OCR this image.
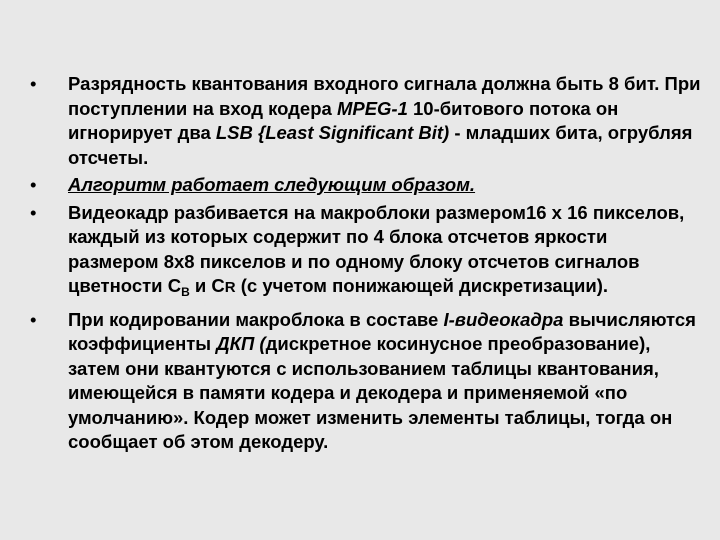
•	Разрядность квантования входного сигнала должна быть 8 бит. При поступлении на вход кодера MPEG-1 10-битового потока он игнорирует два LSB {Least Significant Bit) - младших бита, огрубляя отсчеты.
•	Алгоритм работает следующим образом.
•	Видеокадр разбивается на макроблоки размером16 х 16 пикселов, каждый из которых содержит по 4 блока отсчетов яркости размером 8х8 пикселов и по одному блоку отсчетов сигналов цветности $С_B$ и СR (с учетом понижающей дискретизации).
•	При кодировании макроблока в составе I-видеокадра вычисляются коэффициенты ДКП (дискретное косинусное преобразование), затем они квантуются с использованием таблицы квантования, имеющейся в памяти кодера и декодера и применяемой «по умолчанию». Кодер может изменить элементы таблицы, тогда он сообщает об этом декодеру.
